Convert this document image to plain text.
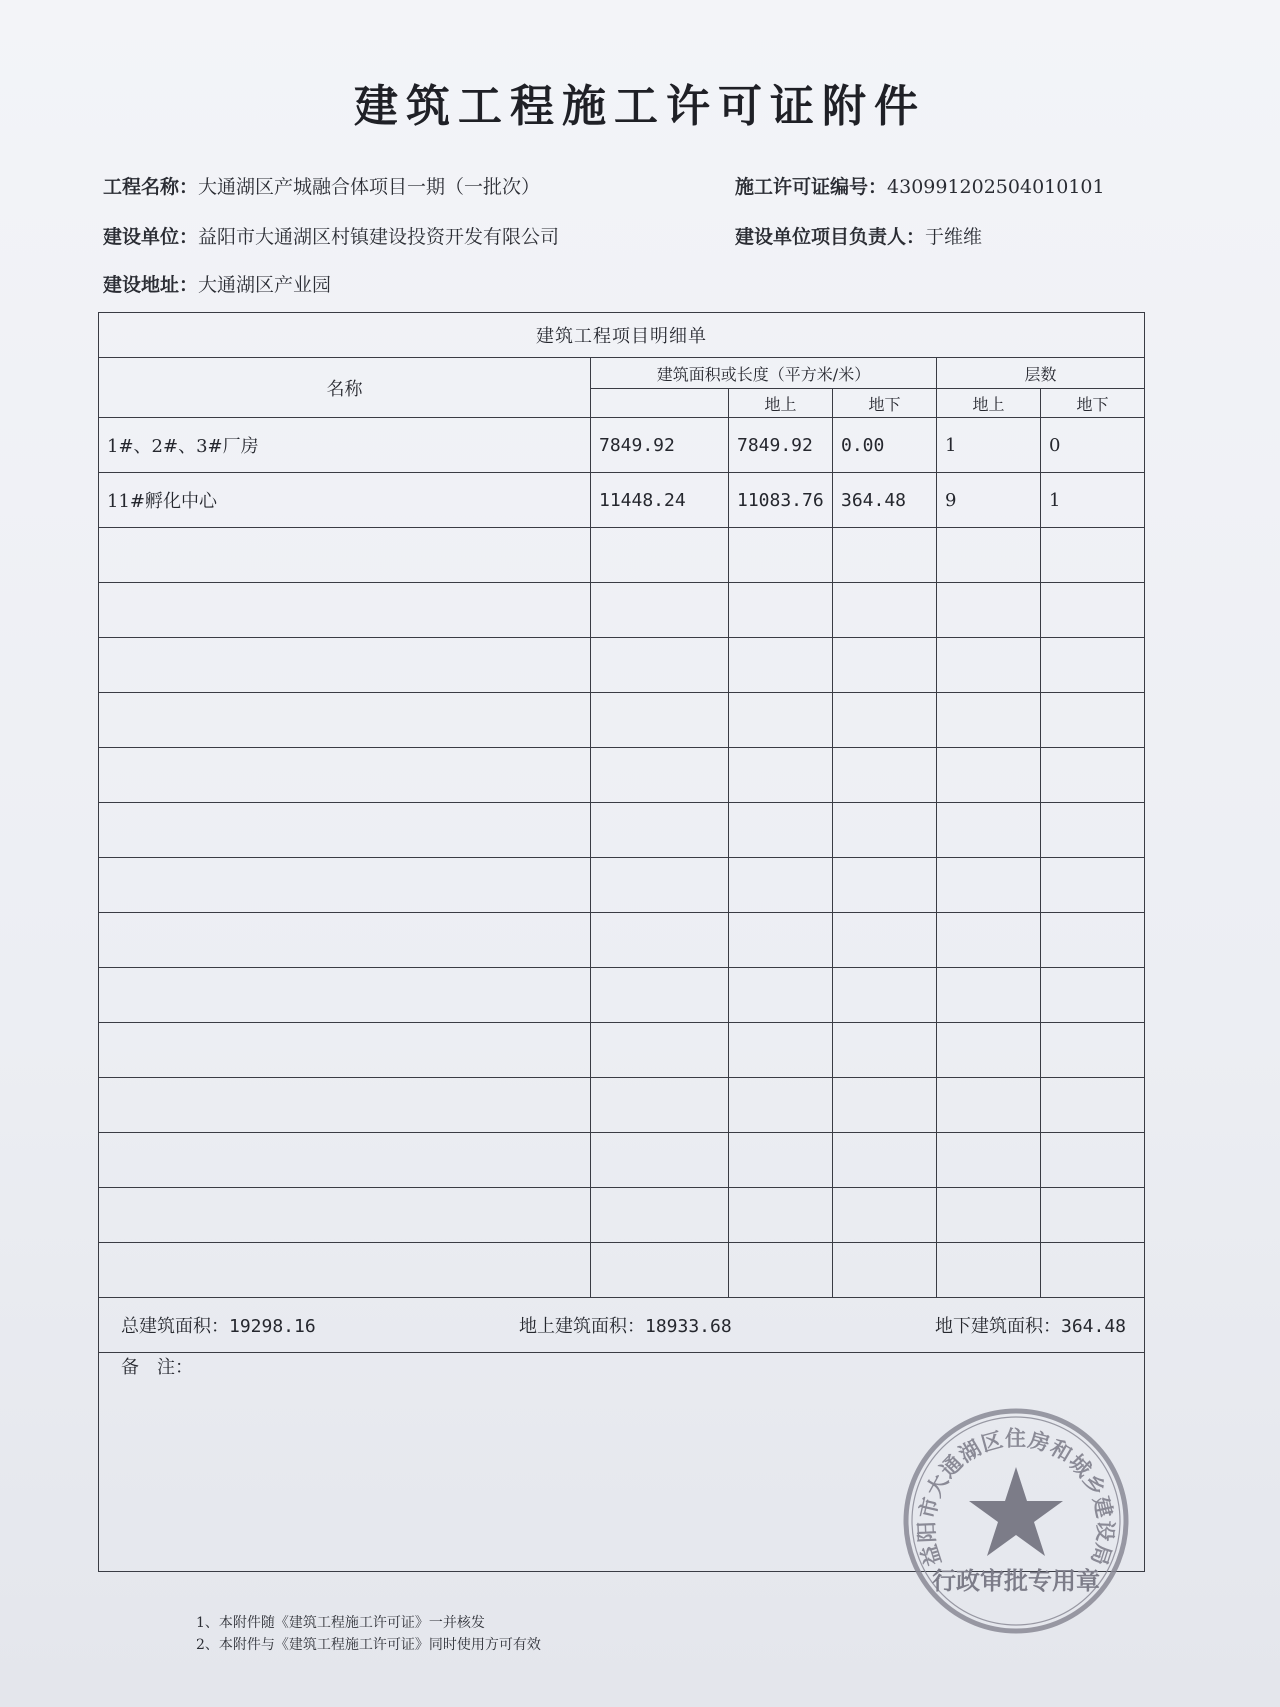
建筑工程施工许可证附件
工程名称：大通湖区产城融合体项目一期（一批次）	施工许可证编号：430991202504010101
建设单位：益阳市大通湖区村镇建设投资开发有限公司	建设单位项目负责人：于维维
建设地址：大通湖区产业园
建筑工程项目明细单					
名称	建筑面积或长度（平方米/米）			层数	
		地上	地下	地上	地下
1#、2#、3#厂房	7849.92	7849.92	0.00	1	0
11#孵化中心	11448.24	11083.76	364.48	9	1

总建筑面积：19298.16 地上建筑面积：18933.68 地下建筑面积：364.48					

备　注：					
1、本附件随《建筑工程施工许可证》一并核发
2、本附件与《建筑工程施工许可证》同时使用方可有效
益阳市大通湖区住房和城乡建设局
行政审批专用章
